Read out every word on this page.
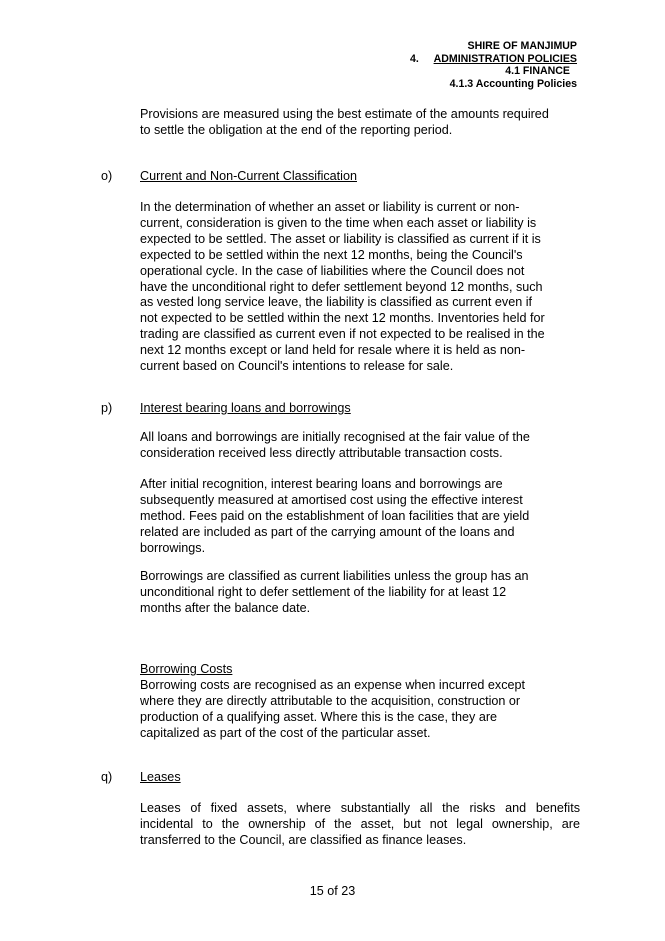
SHIRE OF MANJIMUP
4. ADMINISTRATION POLICIES
4.1 FINANCE
4.1.3 Accounting Policies
Provisions are measured using the best estimate of the amounts required
to settle the obligation at the end of the reporting period.
o) Current and Non-Current Classification
In the determination of whether an asset or liability is current or non-
current, consideration is given to the time when each asset or liability is
expected to be settled. The asset or liability is classified as current if it is
expected to be settled within the next 12 months, being the Council's
operational cycle. In the case of liabilities where the Council does not
have the unconditional right to defer settlement beyond 12 months, such
as vested long service leave, the liability is classified as current even if
not expected to be settled within the next 12 months. Inventories held for
trading are classified as current even if not expected to be realised in the
next 12 months except or land held for resale where it is held as non-
current based on Council's intentions to release for sale.
p) Interest bearing loans and borrowings
All loans and borrowings are initially recognised at the fair value of the
consideration received less directly attributable transaction costs.
After initial recognition, interest bearing loans and borrowings are
subsequently measured at amortised cost using the effective interest
method. Fees paid on the establishment of loan facilities that are yield
related are included as part of the carrying amount of the loans and
borrowings.
Borrowings are classified as current liabilities unless the group has an
unconditional right to defer settlement of the liability for at least 12
months after the balance date.
Borrowing Costs
Borrowing costs are recognised as an expense when incurred except
where they are directly attributable to the acquisition, construction or
production of a qualifying asset. Where this is the case, they are
capitalized as part of the cost of the particular asset.
q) Leases
Leases of fixed assets, where substantially all the risks and benefits
incidental to the ownership of the asset, but not legal ownership, are
transferred to the Council, are classified as finance leases.
15 of 23
